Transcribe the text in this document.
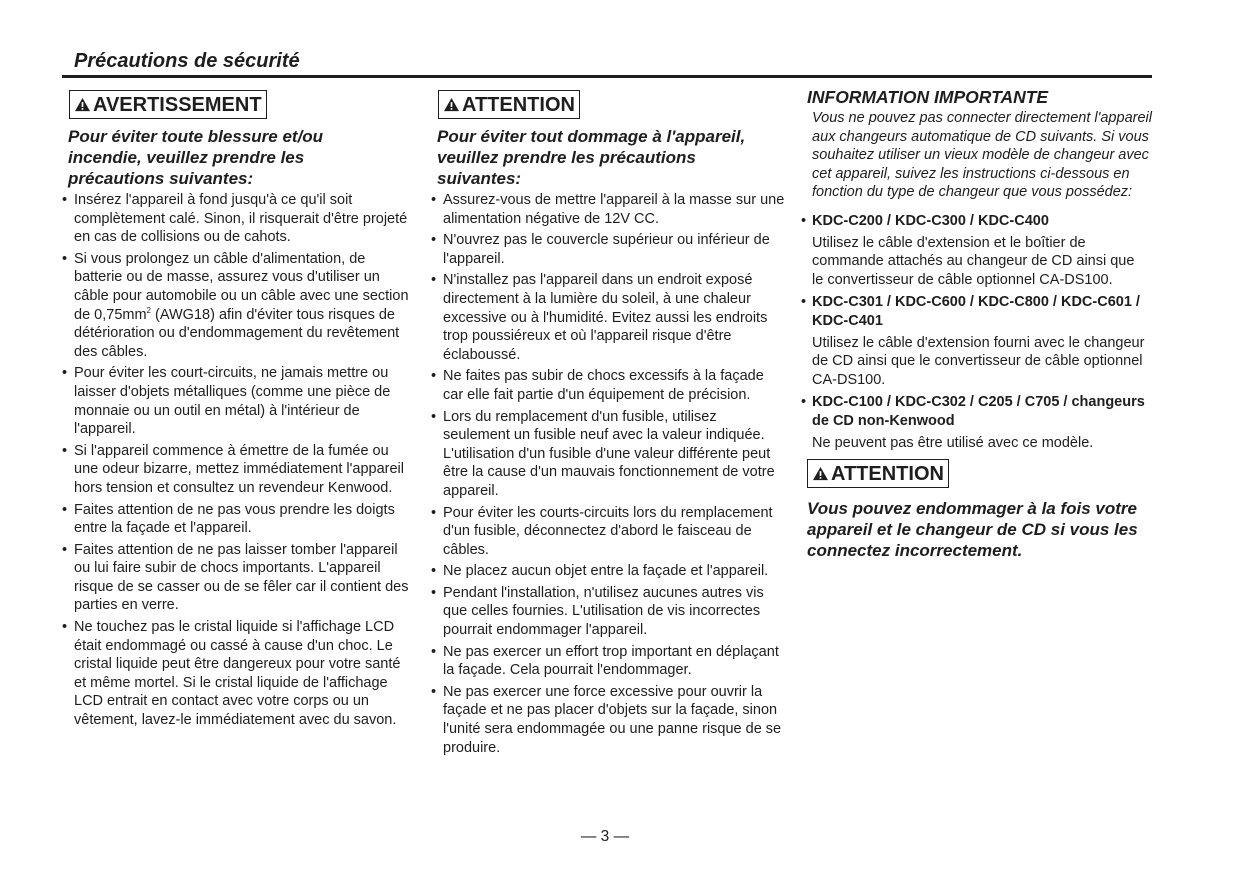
Précautions de sécurité
AVERTISSEMENT
Pour éviter toute blessure et/ou incendie, veuillez prendre les précautions suivantes:
• Insérez l'appareil à fond jusqu'à ce qu'il soit complètement calé. Sinon, il risquerait d'être projeté en cas de collisions ou de cahots.
• Si vous prolongez un câble d'alimentation, de batterie ou de masse, assurez vous d'utiliser un câble pour automobile ou un câble avec une section de $0,75mm^2$ (AWG18) afin d'éviter tous risques de détérioration ou d'endommagement du revêtement des câbles.
• Pour éviter les court-circuits, ne jamais mettre ou laisser d'objets métalliques (comme une pièce de monnaie ou un outil en métal) à l'intérieur de l'appareil.
• Si l'appareil commence à émettre de la fumée ou une odeur bizarre, mettez immédiatement l'appareil hors tension et consultez un revendeur Kenwood.
• Faites attention de ne pas vous prendre les doigts entre la façade et l'appareil.
• Faites attention de ne pas laisser tomber l'appareil ou lui faire subir de chocs importants. L'appareil risque de se casser ou de se fêler car il contient des parties en verre.
• Ne touchez pas le cristal liquide si l'affichage LCD était endommagé ou cassé à cause d'un choc. Le cristal liquide peut être dangereux pour votre santé et même mortel. Si le cristal liquide de l'affichage LCD entrait en contact avec votre corps ou un vêtement, lavez-le immédiatement avec du savon.
ATTENTION
Pour éviter tout dommage à l'appareil, veuillez prendre les précautions suivantes:
• Assurez-vous de mettre l'appareil à la masse sur une alimentation négative de 12V CC.
• N'ouvrez pas le couvercle supérieur ou inférieur de l'appareil.
• N'installez pas l'appareil dans un endroit exposé directement à la lumière du soleil, à une chaleur excessive ou à l'humidité. Evitez aussi les endroits trop poussiéreux et où l'appareil risque d'être éclaboussé.
• Ne faites pas subir de chocs excessifs à la façade car elle fait partie d'un équipement de précision.
• Lors du remplacement d'un fusible, utilisez seulement un fusible neuf avec la valeur indiquée. L'utilisation d'un fusible d'une valeur différente peut être la cause d'un mauvais fonctionnement de votre appareil.
• Pour éviter les courts-circuits lors du remplacement d'un fusible, déconnectez d'abord le faisceau de câbles.
• Ne placez aucun objet entre la façade et l'appareil.
• Pendant l'installation, n'utilisez aucunes autres vis que celles fournies. L'utilisation de vis incorrectes pourrait endommager l'appareil.
• Ne pas exercer un effort trop important en déplaçant la façade. Cela pourrait l'endommager.
• Ne pas exercer une force excessive pour ouvrir la façade et ne pas placer d'objets sur la façade, sinon l'unité sera endommagée ou une panne risque de se produire.
INFORMATION IMPORTANTE
Vous ne pouvez pas connecter directement l'appareil aux changeurs automatique de CD suivants. Si vous souhaitez utiliser un vieux modèle de changeur avec cet appareil, suivez les instructions ci-dessous en fonction du type de changeur que vous possédez:
• KDC-C200 / KDC-C300 / KDC-C400
Utilisez le câble d'extension et le boîtier de commande attachés au changeur de CD ainsi que le convertisseur de câble optionnel CA-DS100.
• KDC-C301 / KDC-C600 / KDC-C800 / KDC-C601 / KDC-C401
Utilisez le câble d'extension fourni avec le changeur de CD ainsi que le convertisseur de câble optionnel CA-DS100.
• KDC-C100 / KDC-C302 / C205 / C705 / changeurs de CD non-Kenwood
Ne peuvent pas être utilisé avec ce modèle.
ATTENTION
Vous pouvez endommager à la fois votre appareil et le changeur de CD si vous les connectez incorrectement.
— 3 —
